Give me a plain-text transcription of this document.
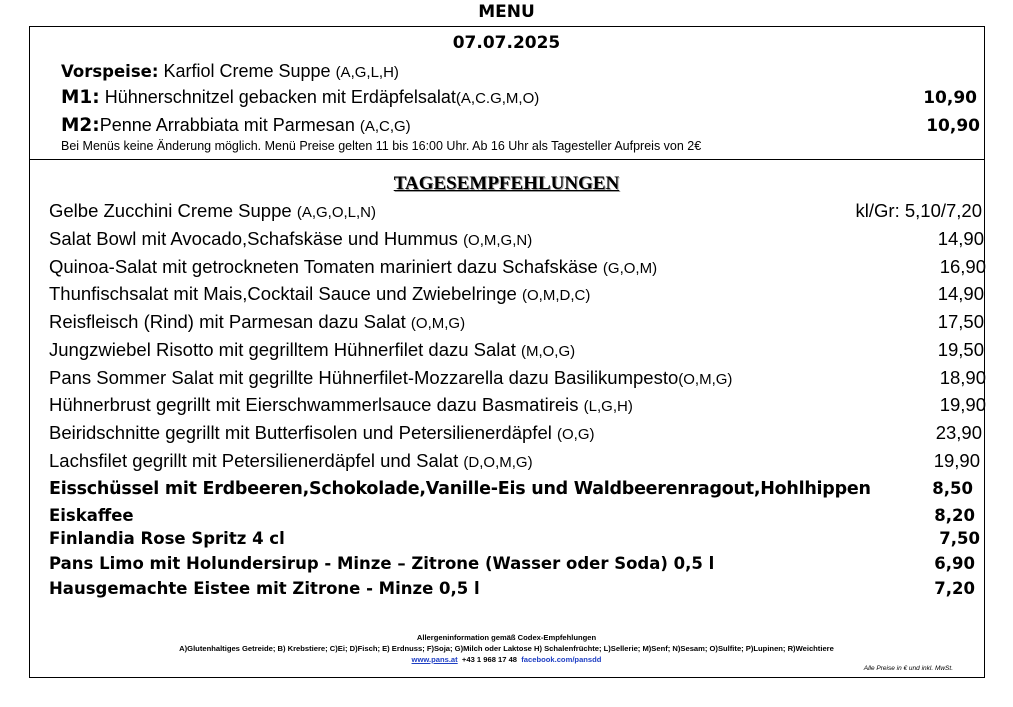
MENU
07.07.2025
Vorspeise: Karfiol Creme Suppe (A,G,L,H)
M1: Hühnerschnitzel gebacken mit Erdäpfelsalat(A,C.G,M,O)	10,90
M2:Penne Arrabbiata mit Parmesan (A,C,G)	10,90
Bei Menüs keine Änderung möglich. Menü Preise gelten 11 bis 16:00 Uhr. Ab 16 Uhr als Tagesteller Aufpreis von 2€
TAGESEMPFEHLUNGEN
Gelbe Zucchini Creme Suppe (A,G,O,L,N)	kl/Gr: 5,10/7,20
Salat Bowl mit Avocado,Schafskäse und Hummus (O,M,G,N)	14,90
Quinoa-Salat mit getrockneten Tomaten mariniert dazu Schafskäse (G,O,M)	16,90
Thunfischsalat mit Mais,Cocktail Sauce und Zwiebelringe (O,M,D,C)	14,90
Reisfleisch (Rind) mit Parmesan dazu Salat (O,M,G)	17,50
Jungzwiebel Risotto mit gegrilltem Hühnerfilet dazu Salat (M,O,G)	19,50
Pans Sommer Salat mit gegrillte Hühnerfilet-Mozzarella dazu Basilikumpesto(O,M,G)	18,90
Hühnerbrust gegrillt mit Eierschwammerlsauce dazu Basmatireis (L,G,H)	19,90
Beiridschnitte gegrillt mit Butterfisolen und Petersilienerdäpfel (O,G)	23,90
Lachsfilet gegrillt mit Petersilienerdäpfel und Salat (D,O,M,G)	19,90
Eisschüssel mit Erdbeeren,Schokolade,Vanille-Eis und Waldbeerenragout,Hohlhippen	8,50
Eiskaffee	8,20
Finlandia Rose Spritz 4 cl	7,50
Pans Limo mit Holundersirup - Minze – Zitrone (Wasser oder Soda) 0,5 l	6,90
Hausgemachte Eistee mit Zitrone - Minze 0,5 l	7,20
Allergeninformation gemäß Codex-Empfehlungen
A)Glutenhaltiges Getreide; B) Krebstiere; C)Ei; D)Fisch; E) Erdnuss; F)Soja; G)Milch oder Laktose H) Schalenfrüchte; L)Sellerie; M)Senf; N)Sesam; O)Sulfite; P)Lupinen; R)Weichtiere
www.pans.at +43 1 968 17 48 facebook.com/pansdd
Alle Preise in € und inkl. MwSt.
